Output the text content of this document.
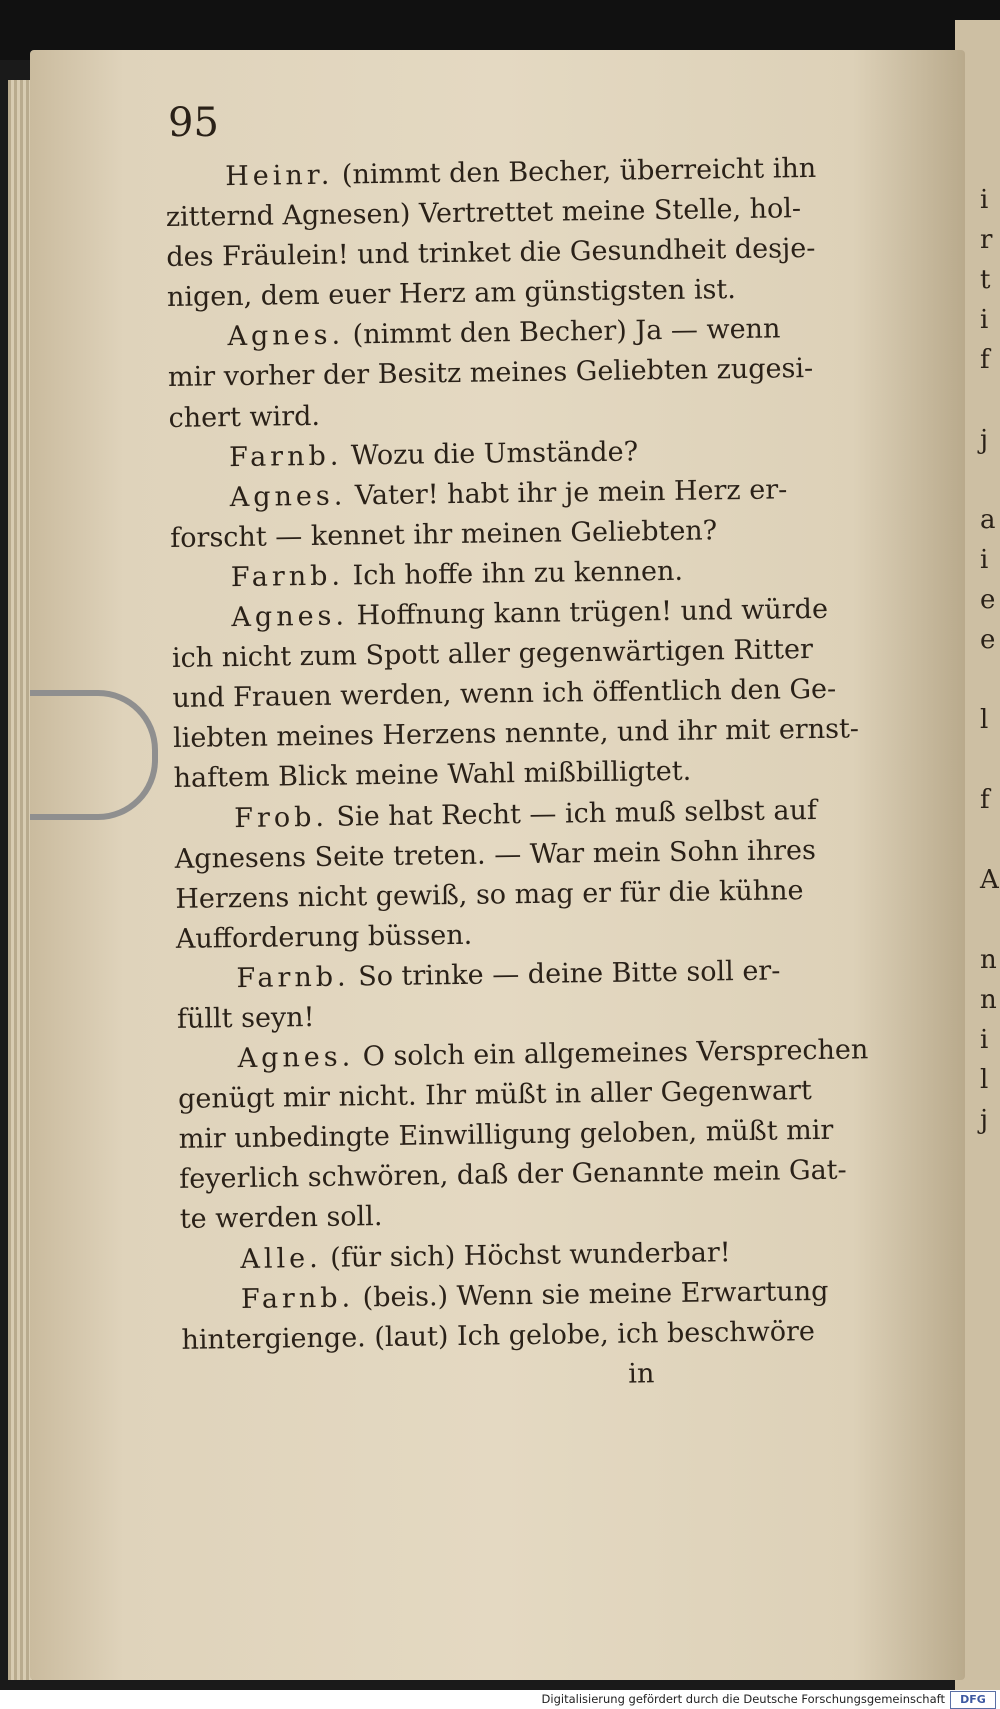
95

Heinr. (nimmt den Becher, überreicht ihn
zitternd Agnesen) Vertrettet meine Stelle, hol-
des Fräulein! und trinket die Gesundheit desje-
nigen, dem euer Herz am günstigsten ist.
Agnes. (nimmt den Becher) Ja — wenn
mir vorher der Besitz meines Geliebten zugesi-
chert wird.
Farnb. Wozu die Umstände?
Agnes. Vater! habt ihr je mein Herz er-
forscht — kennet ihr meinen Geliebten?
Farnb. Ich hoffe ihn zu kennen.
Agnes. Hoffnung kann trügen! und würde
ich nicht zum Spott aller gegenwärtigen Ritter
und Frauen werden, wenn ich öffentlich den Ge-
liebten meines Herzens nennte, und ihr mit ernst-
haftem Blick meine Wahl mißbilligtet.
Frob. Sie hat Recht — ich muß selbst auf
Agnesens Seite treten. — War mein Sohn ihres
Herzens nicht gewiß, so mag er für die kühne
Aufforderung büssen.
Farnb. So trinke — deine Bitte soll er-
füllt seyn!
Agnes. O solch ein allgemeines Versprechen
genügt mir nicht. Ihr müßt in aller Gegenwart
mir unbedingte Einwilligung geloben, müßt mir
feyerlich schwören, daß der Genannte mein Gat-
te werden soll.
Alle. (für sich) Höchst wunderbar!
Farnb. (beis.) Wenn sie meine Erwartung
hintergienge. (laut) Ich gelobe, ich beschwöre
in
i
r
t
i
f
j
a
i
e
e
l
f
A
n
n
i
l
j
Digitalisierung gefördert durch die Deutsche Forschungsgemeinschaft	DFG
